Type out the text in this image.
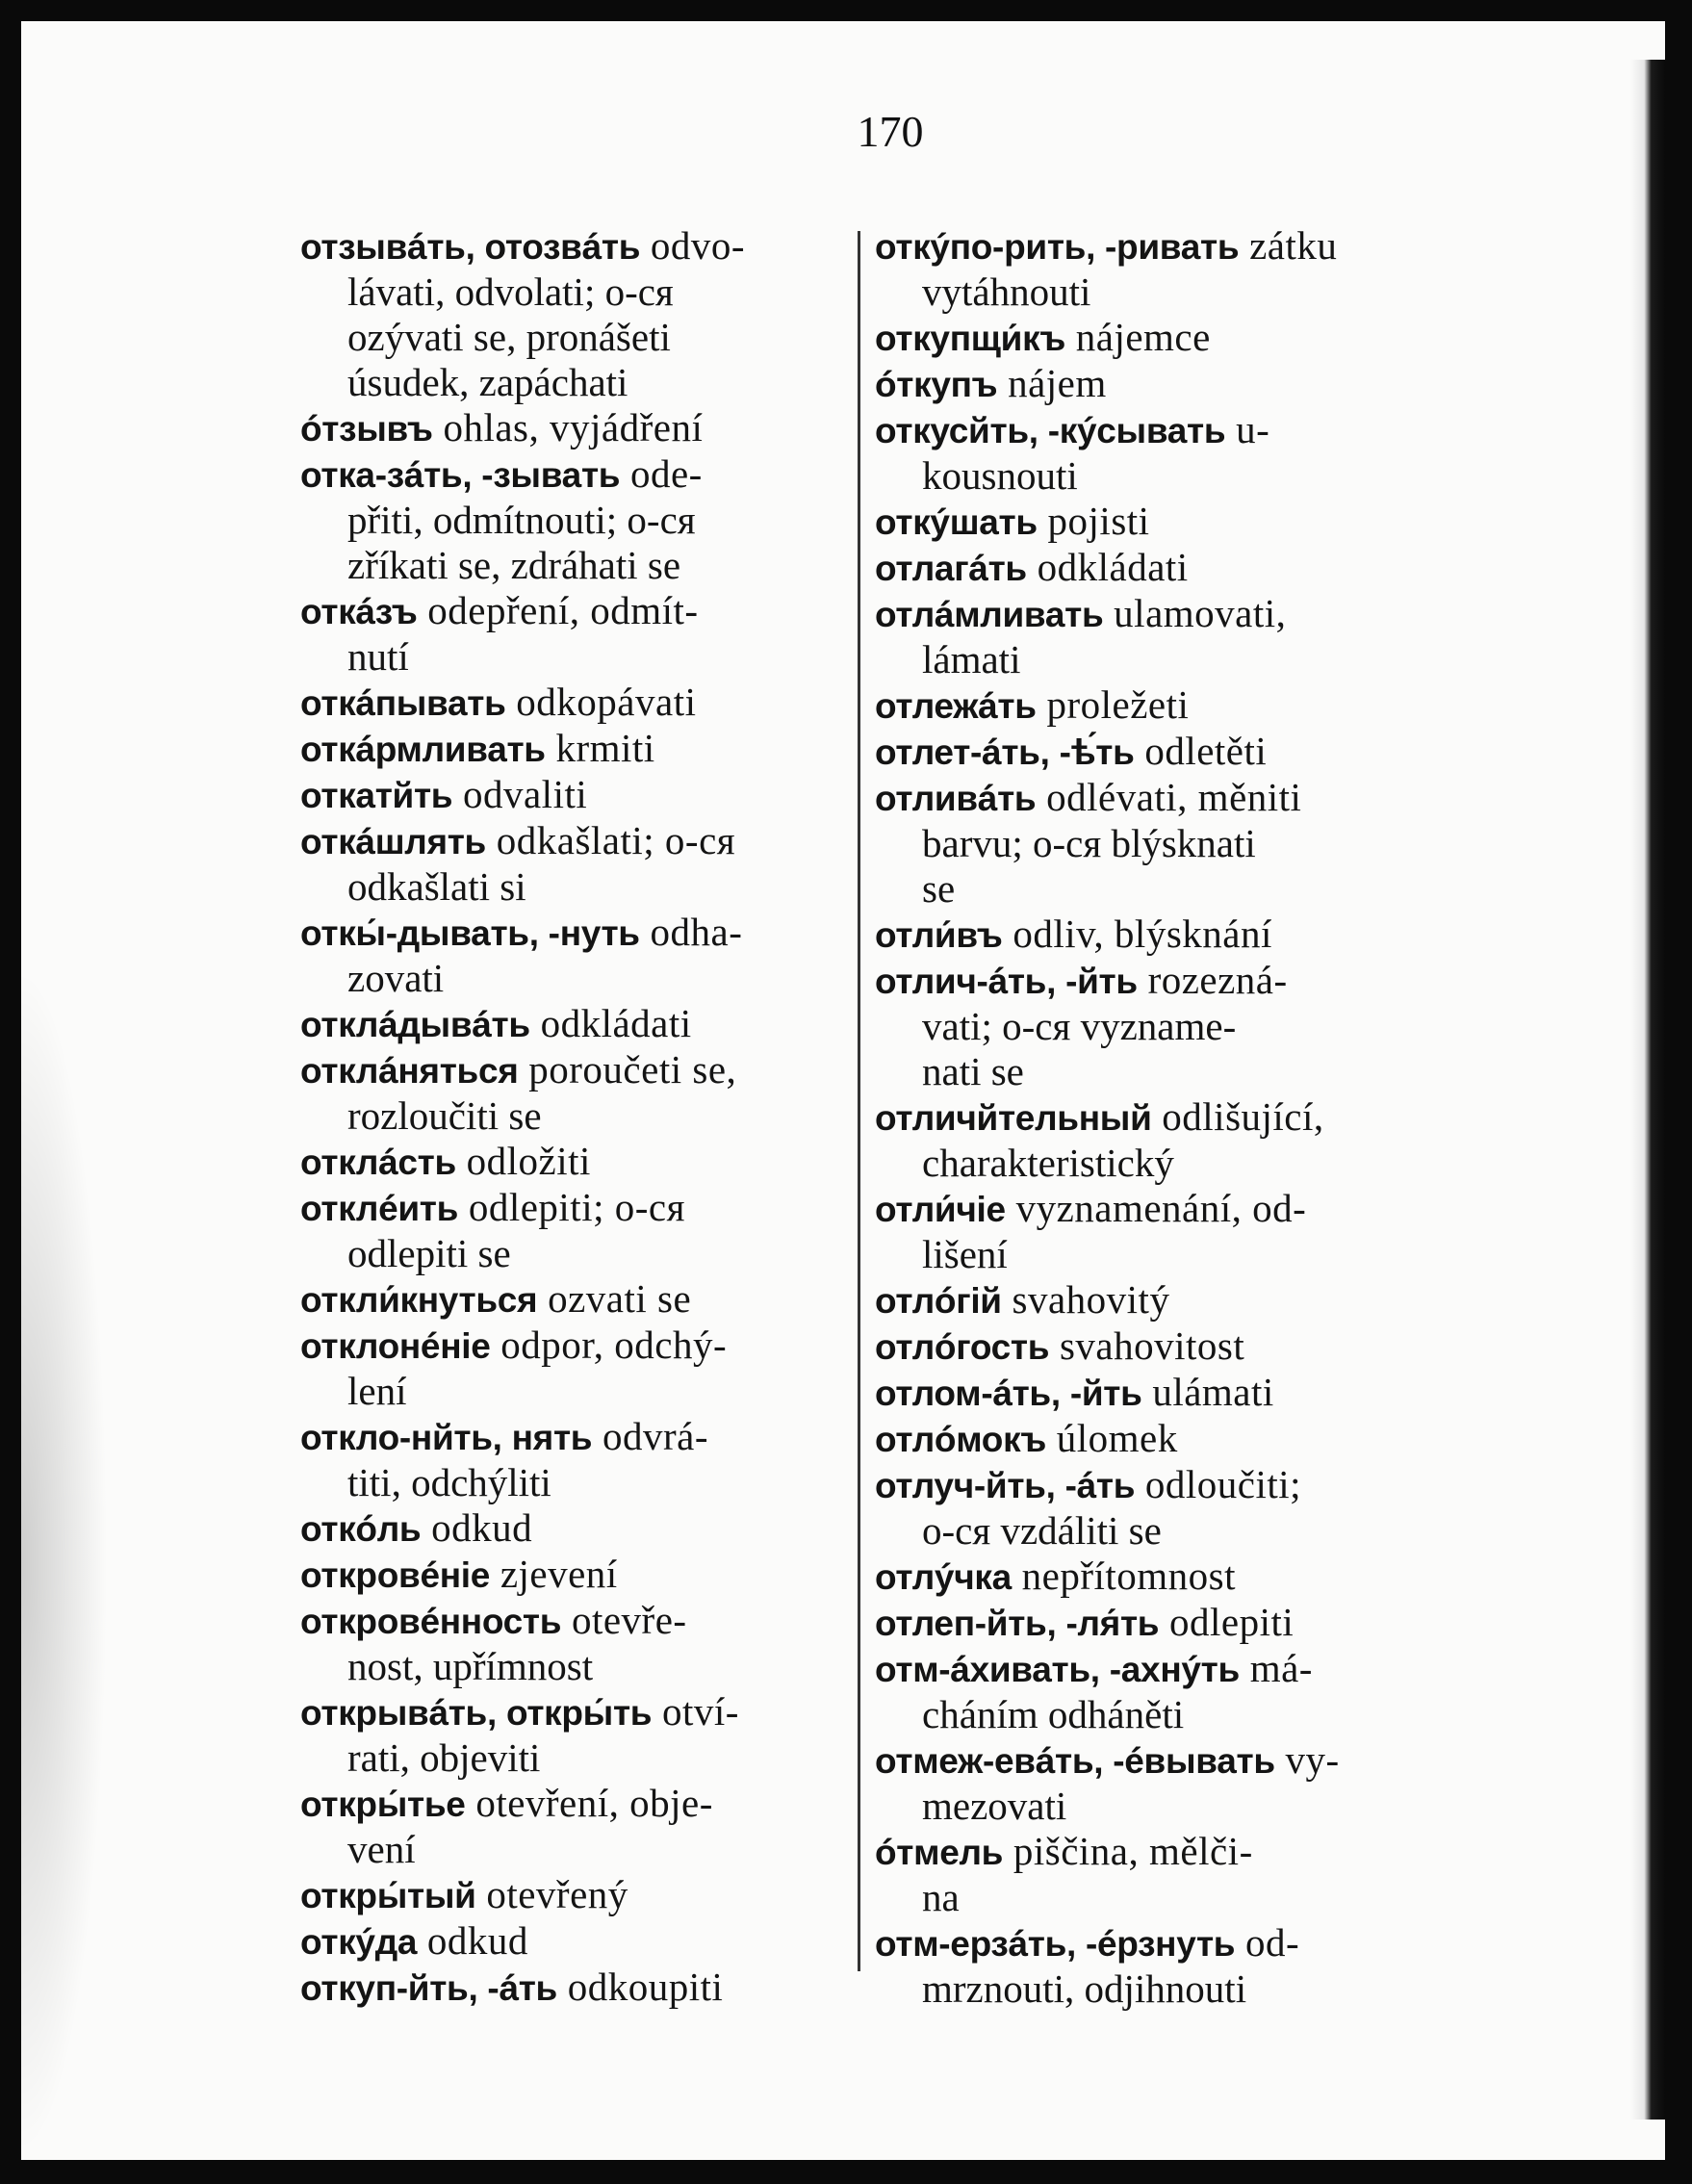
170

отзывáть, отозвáть odvo-

lávati, odvolati; o-ся

ozývati se, pronášeti

úsudek, zapáchati

óтзывъ ohlas, vyjádření

откa-зáть, -зывать ode-

přiti, odmítnouti; o-ся

zříkati se, zdráhati se

откáзъ odepření, odmít-

nutí

откáпывать odkopávati

откáрмливать krmiti

откатйть odvaliti

откáшлять odkašlati; o-ся

odkašlati si

откы́-дывать, -нуть odha-

zovati

отклáдывáть odkládati

отклáняться poroučeti se,

rozloučiti se

отклáсть odložiti

отклéить odlepiti; o-ся

odlepiti se

откли́кнуться ozvati se

отклонéніе odpor, odchý-

lení

откло-нйть, нять odvrá-

titi, odchýliti

откóль odkud

откровéніе zjevení

откровéнность otevře-

nost, upřímnost

открывáть, откры́ть otví-

rati, objeviti

откры́тье otevření, obje-

vení

откры́тый otevřený

откýда odkud

откуп-йть, -áть odkoupiti

откýпо-рить, -ривать zátku

vytáhnouti

откупщи́къ nájemce

óткупъ nájem

откусйть, -кýсывать u-

kousnouti

откýшать pojisti

отлагáть odkládati

отлáмливать ulamovati,

lámati

отлежáть proležeti

отлет-áть, -ѣ́ть odletěti

отливáть odlévati, měniti

barvu; o-ся blýsknati

se

отли́въ odliv, blýsknání

отлич-áть, -йть rozezná-

vati; o-ся vyzname-

nati se

отличйтельный odlišující,

charakteristický

отли́чіе vyznamenání, od-

lišení

отлóгій svahovitý

отлóгость svahovitost

отлом-áть, -йть ulámati

отлóмокъ úlomek

отлуч-йть, -áть odloučiti;

o-ся vzdáliti se

отлýчка nepřítomnost

отлеп-йть, -ля́ть odlepiti

отм-áхивать, -ахнýть má-

cháním odháněti

отмеж-евáть, -éвывать vy-

mezovati

óтмель piščina, mělči-

na

отм-ерзáть, -éрзнуть od-

mrznouti, odjihnouti
